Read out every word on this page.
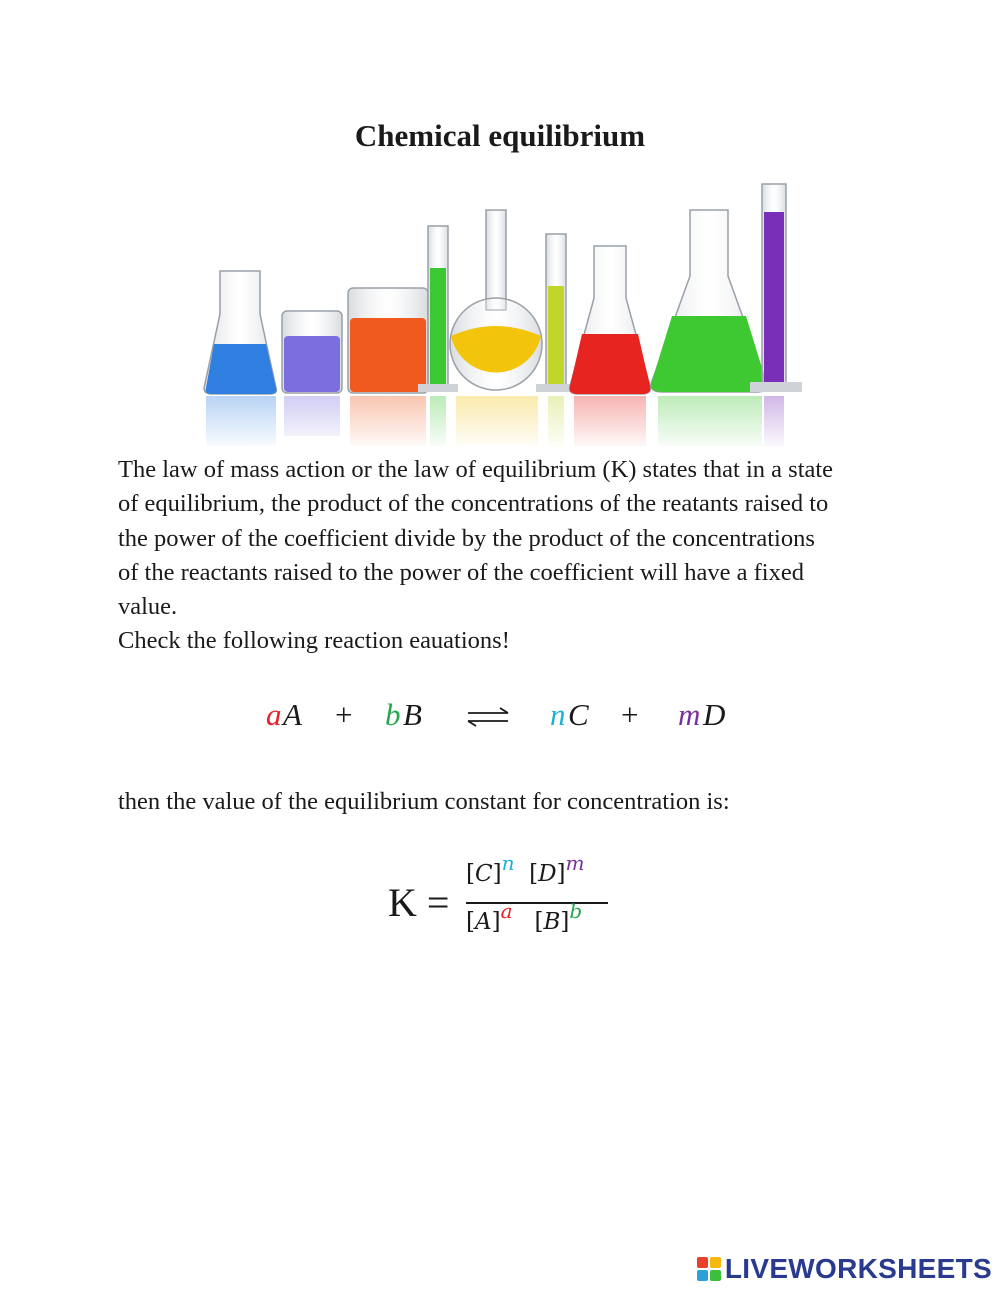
Chemical equilibrium
The law of mass action or the law of equilibrium (K) states that in a state
of equilibrium, the product of the concentrations of the reatants raised to
the power of the coefficient divide by the product of the concentrations
of the reactants raised to the power of the coefficient will have a fixed
value.
Check the following reaction eauations!
a A + b B ⇌ n C + m D

then the value of the equilibrium constant for concentration is:

K =
[C]n [D]m
[A]a [B]b
LIVEWORKSHEETS
